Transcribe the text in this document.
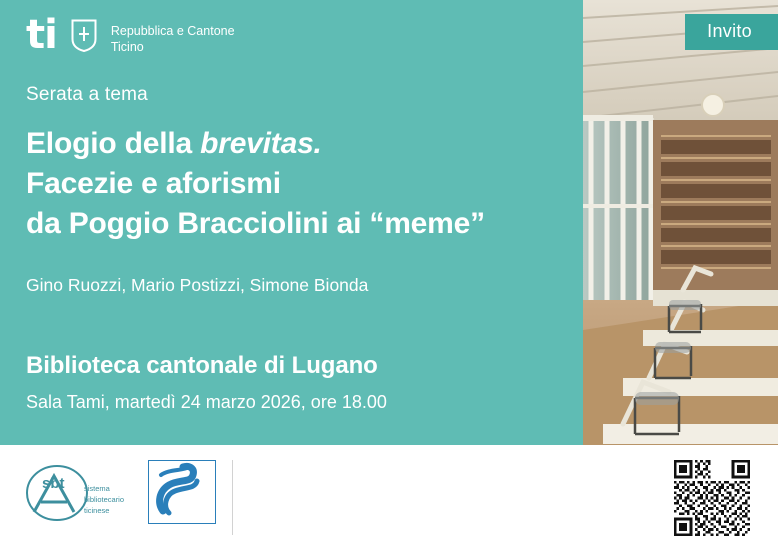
ti	Repubblica e Cantone
Ticino
Serata a tema
Elogio della brevitas.
Facezie e aforismi
da Poggio Bracciolini ai “meme”
Gino Ruozzi, Mario Postizzi, Simone Bionda
Biblioteca cantonale di Lugano
Sala Tami, martedì 24 marzo 2026, ore 18.00
Invito
sbt	sistema
bibliotecario
ticinese
